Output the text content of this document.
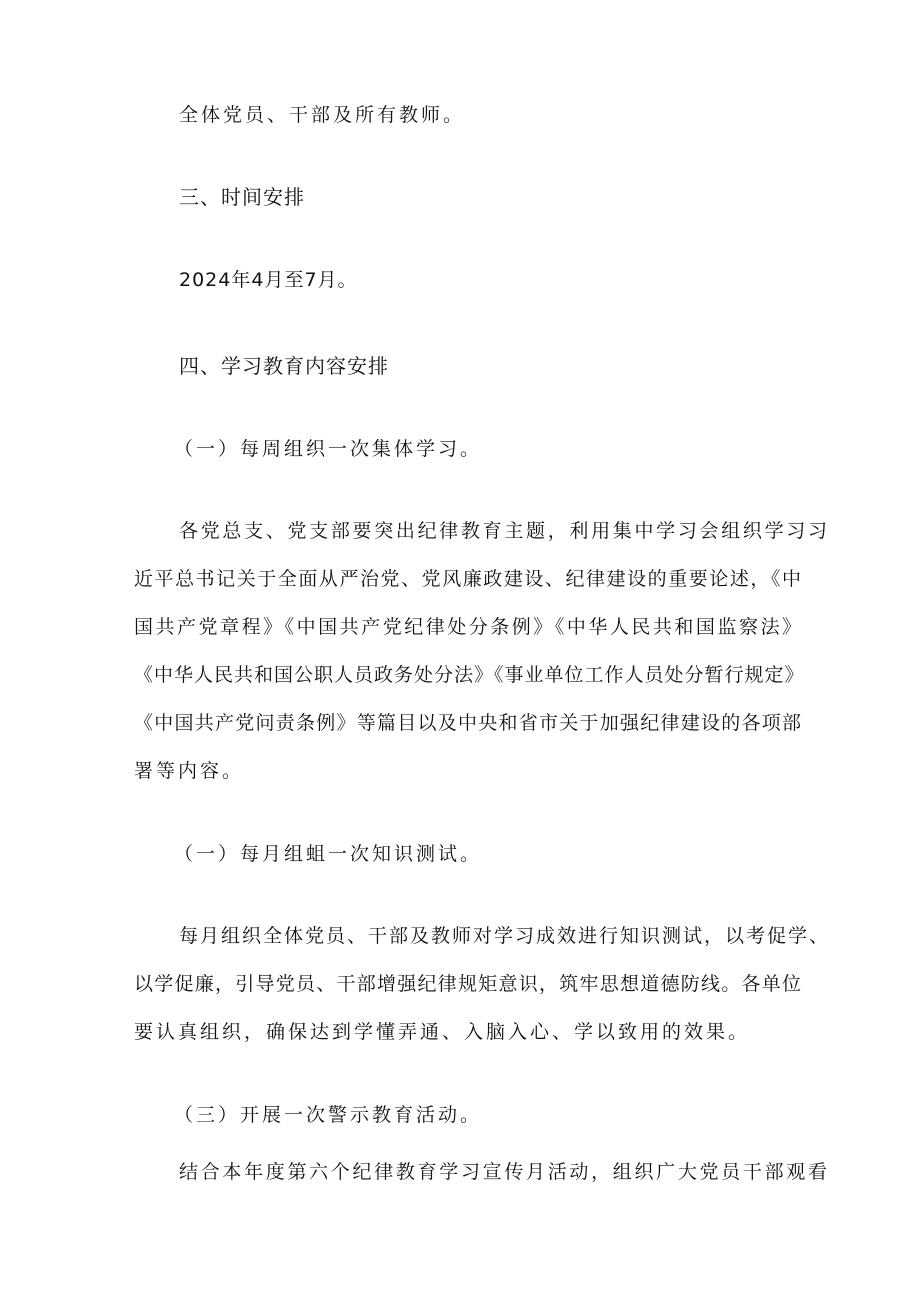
全体党员、干部及所有教师。
三、时间安排
2024年4月至7月。
四、学习教育内容安排
（一）每周组织一次集体学习。
各党总支、党支部要突出纪律教育主题，利用集中学习会组织学习习
近平总书记关于全面从严治党、党风廉政建设、纪律建设的重要论述，《中
国共产党章程》《中国共产党纪律处分条例》《中华人民共和国监察法》
《中华人民共和国公职人员政务处分法》《事业单位工作人员处分暂行规定》
《中国共产党问责条例》等篇目以及中央和省市关于加强纪律建设的各项部
署等内容。
（一）每月组蛆一次知识测试。
每月组织全体党员、干部及教师对学习成效进行知识测试，以考促学、
以学促廉，引导党员、干部增强纪律规矩意识，筑牢思想道德防线。各单位
要认真组织，确保达到学懂弄通、入脑入心、学以致用的效果。
（三）开展一次警示教育活动。
结合本年度第六个纪律教育学习宣传月活动，组织广大党员干部观看
